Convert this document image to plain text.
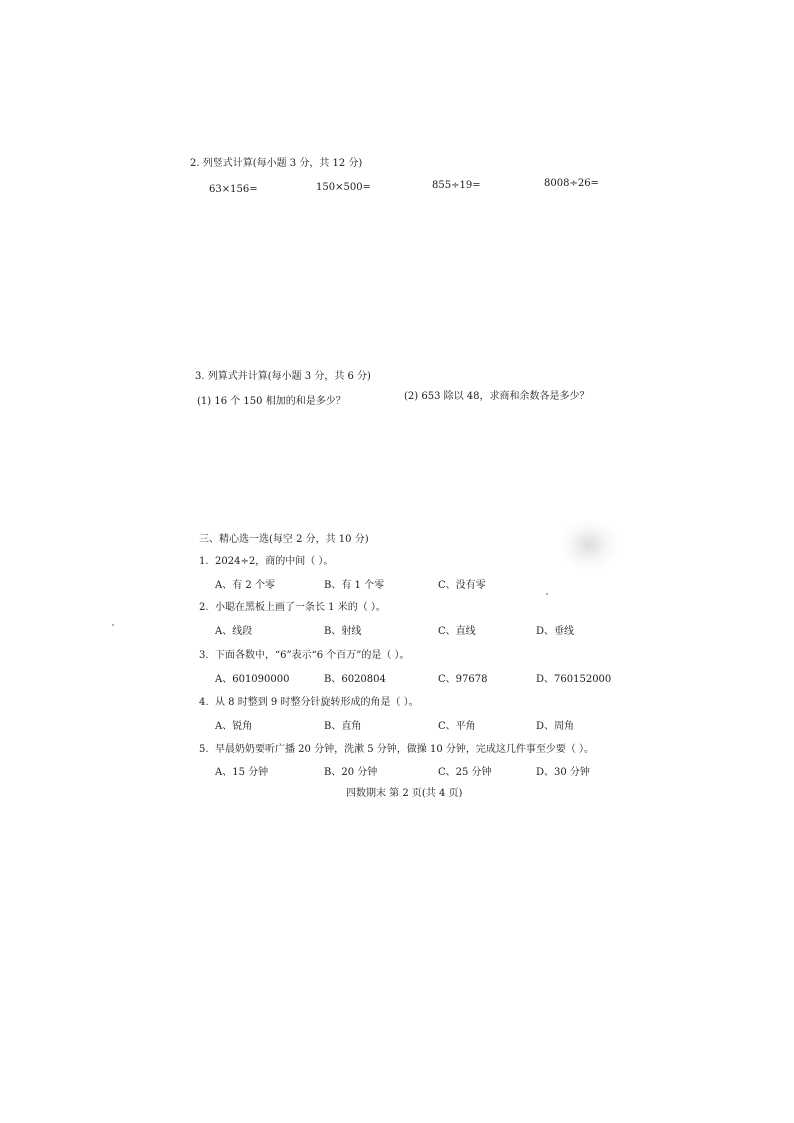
2. 列竖式计算(每小题 3 分，共 12 分)
63×156=	150×500=	855÷19=	8008÷26=
3. 列算式并计算(每小题 3 分，共 6 分)
(1) 16 个 150 相加的和是多少？	(2) 653 除以 48，求商和余数各是多少？
三、精心选一选(每空 2 分，共 10 分)
1. 2024÷2，商的中间（ ）。
A、有 2 个零	B、有 1 个零	C、没有零
2. 小聪在黑板上画了一条长 1 米的（ ）。
A、线段	B、射线	C、直线	D、垂线
3. 下面各数中，“6”表示“6 个百万”的是（ ）。
A、601090000	B、6020804	C、97678	D、760152000
4. 从 8 时整到 9 时整分针旋转形成的角是（ ）。
A、锐角	B、直角	C、平角	D、周角
5. 早晨奶奶要听广播 20 分钟，洗漱 5 分钟，做操 10 分钟，完成这几件事至少要（ ）。
A、15 分钟	B、20 分钟	C、25 分钟	D、30 分钟
四数期末 第 2 页(共 4 页)
